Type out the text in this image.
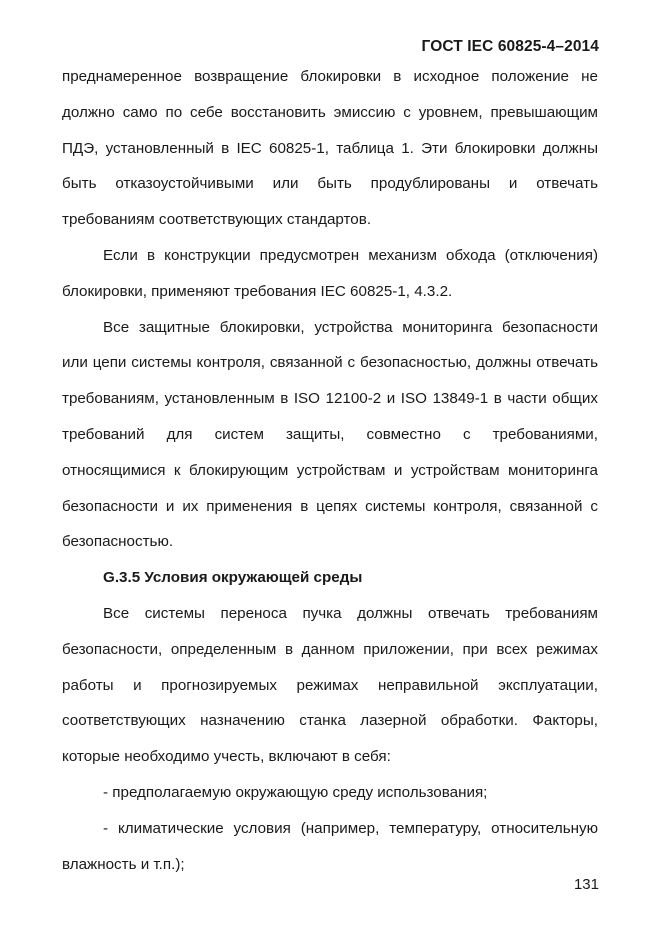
ГОСТ IEC 60825-4–2014

преднамеренное возвращение блокировки в исходное положение не должно само по себе восстановить эмиссию с уровнем, превышающим ПДЭ, установленный в IEC 60825-1, таблица 1. Эти блокировки должны быть отказоустойчивыми или быть продублированы и отвечать требованиям соответствующих стандартов.

Если в конструкции предусмотрен механизм обхода (отключения) блокировки, применяют требования IEC 60825-1, 4.3.2.

Все защитные блокировки, устройства мониторинга безопасности или цепи системы контроля, связанной с безопасностью, должны отвечать требованиям, установленным в ISO 12100-2 и ISO 13849-1 в части общих требований для систем защиты, совместно с требованиями, относящимися к блокирующим устройствам и устройствам мониторинга безопасности и их применения в цепях системы контроля, связанной с безопасностью.

G.3.5 Условия окружающей среды

Все системы переноса пучка должны отвечать требованиям безопасности, определенным в данном приложении, при всех режимах работы и прогнозируемых режимах неправильной эксплуатации, соответствующих назначению станка лазерной обработки. Факторы, которые необходимо учесть, включают в себя:

- предполагаемую окружающую среду использования;

- климатические условия (например, температуру, относительную влажность и т.п.);

131
